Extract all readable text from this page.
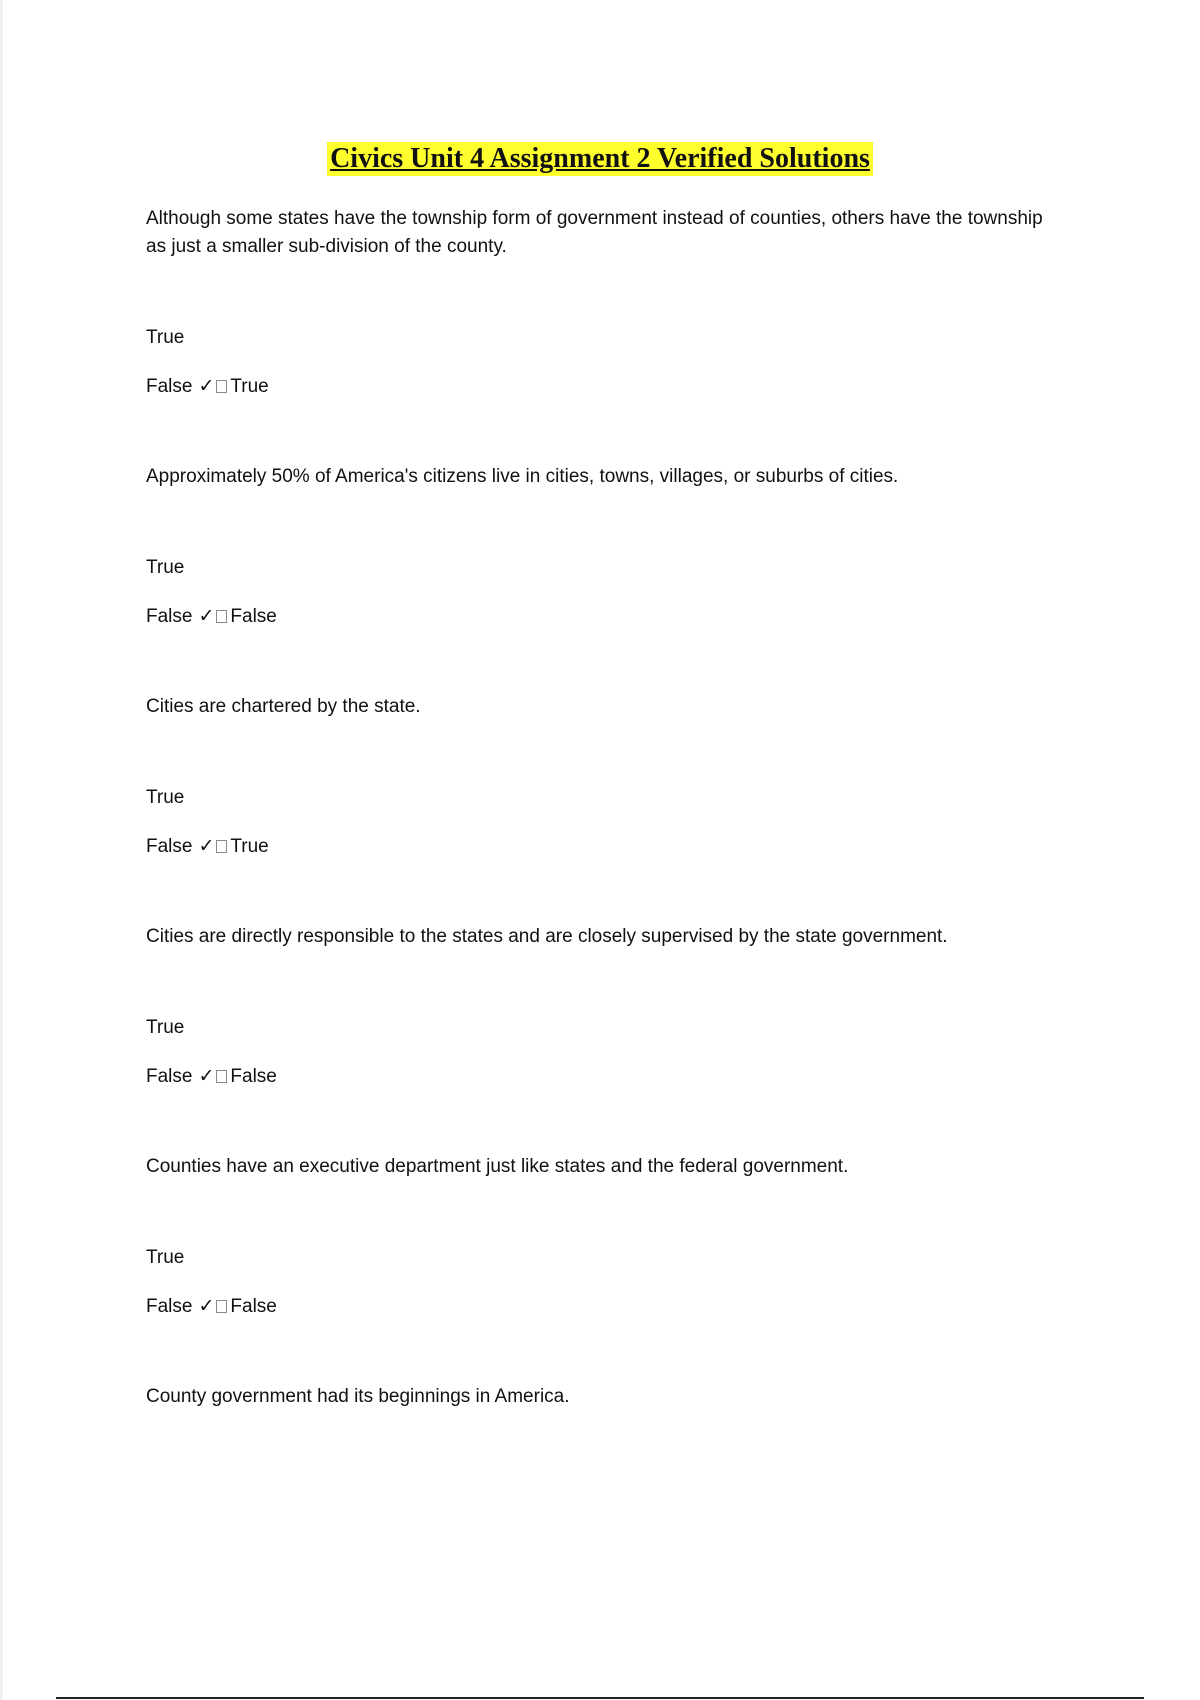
Civics Unit 4 Assignment 2 Verified Solutions
Although some states have the township form of government instead of counties, others have the township as just a smaller sub-division of the county.
True
False ✓ True
Approximately 50% of America's citizens live in cities, towns, villages, or suburbs of cities.
True
False ✓ False
Cities are chartered by the state.
True
False ✓ True
Cities are directly responsible to the states and are closely supervised by the state government.
True
False ✓ False
Counties have an executive department just like states and the federal government.
True
False ✓ False
County government had its beginnings in America.
